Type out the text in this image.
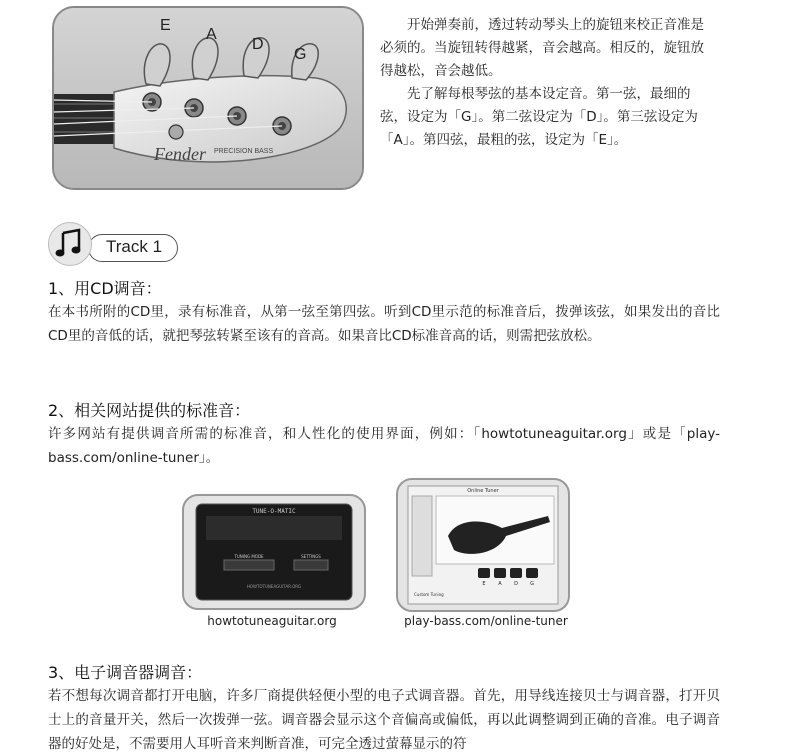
Fender PRECISION BASS
E
A
D
G

开始弹奏前，透过转动琴头上的旋钮来校正音准是必须的。当旋钮转得越紧，音会越高。相反的，旋钮放得越松，音会越低。

先了解每根琴弦的基本设定音。第一弦，最细的弦，设定为「G」。第二弦设定为「D」。第三弦设定为「A」。第四弦，最粗的弦，设定为「E」。

Track 1
1、用CD调音：
在本书所附的CD里，录有标准音，从第一弦至第四弦。听到CD里示范的标准音后，拨弹该弦，如果发出的音比CD里的音低的话，就把琴弦转紧至该有的音高。如果音比CD标准音高的话，则需把弦放松。
2、相关网站提供的标准音：
许多网站有提供调音所需的标准音，和人性化的使用界面，例如：「howtotuneaguitar.org」或是「play-bass.com/online-tuner」。
TUNE-O-MATIC
TUNING MODE	SETTINGS
HOWTOTUNEAGUITAR.ORG
howtotuneaguitar.org
Online Tuner
E	A D G
Custom Tuning
play-bass.com/online-tuner
3、电子调音器调音：
若不想每次调音都打开电脑，许多厂商提供轻便小型的电子式调音器。首先，用导线连接贝士与调音器，打开贝士上的音量开关，然后一次拨弹一弦。调音器会显示这个音偏高或偏低，再以此调整调到正确的音准。电子调音器的好处是，不需要用人耳听音来判断音准，可完全透过萤幕显示的符
